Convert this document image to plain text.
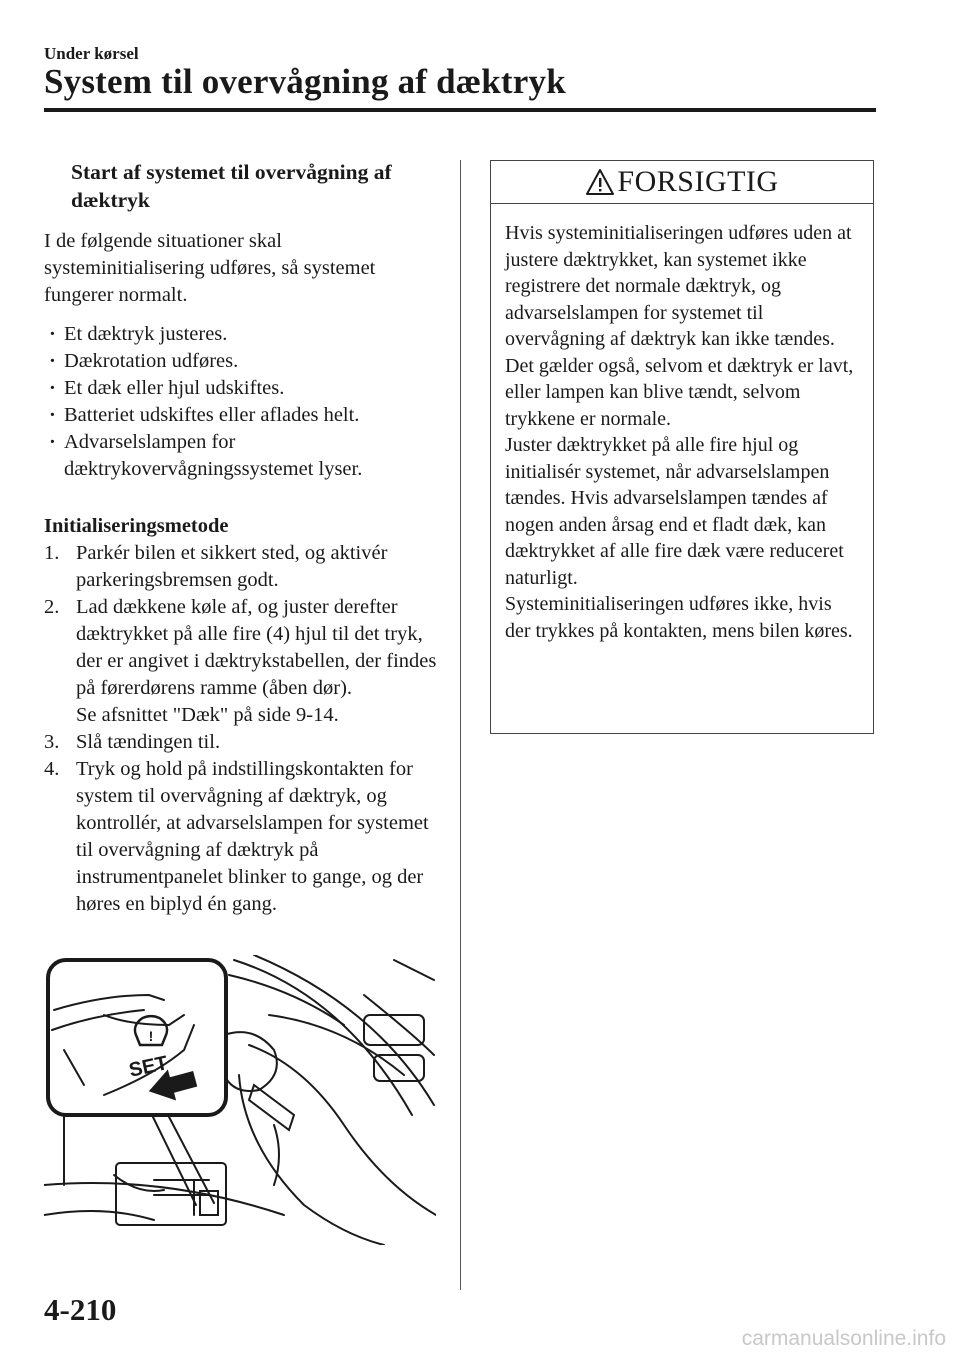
Under kørsel
System til overvågning af dæktryk
Start af systemet til overvågning af dæktryk

I de følgende situationer skal systeminitialisering udføres, så systemet fungerer normalt.

· Et dæktryk justeres.
· Dækrotation udføres.
· Et dæk eller hjul udskiftes.
· Batteriet udskiftes eller aflades helt.
· Advarselslampen for dæktrykovervågningssystemet lyser.

Initialiseringsmetode

1. Parkér bilen et sikkert sted, og aktivér parkeringsbremsen godt.
2. Lad dækkene køle af, og juster derefter dæktrykket på alle fire (4) hjul til det tryk, der er angivet i dæktrykstabellen, der findes på førerdørens ramme (åben dør).
Se afsnittet "Dæk" på side 9-14.
3. Slå tændingen til.
4. Tryk og hold på indstillingskontakten for system til overvågning af dæktryk, og kontrollér, at advarselslampen for systemet til overvågning af dæktryk på instrumentpanelet blinker to gange, og der høres en biplyd én gang.
!
SET
FORSIGTIG

Hvis systeminitialiseringen udføres uden at justere dæktrykket, kan systemet ikke registrere det normale dæktryk, og advarselslampen for systemet til overvågning af dæktryk kan ikke tændes. Det gælder også, selvom et dæktryk er lavt, eller lampen kan blive tændt, selvom trykkene er normale.

Juster dæktrykket på alle fire hjul og initialisér systemet, når advarselslampen tændes. Hvis advarselslampen tændes af nogen anden årsag end et fladt dæk, kan dæktrykket af alle fire dæk være reduceret naturligt.

Systeminitialiseringen udføres ikke, hvis der trykkes på kontakten, mens bilen køres.

4-210
carmanualsonline.info
